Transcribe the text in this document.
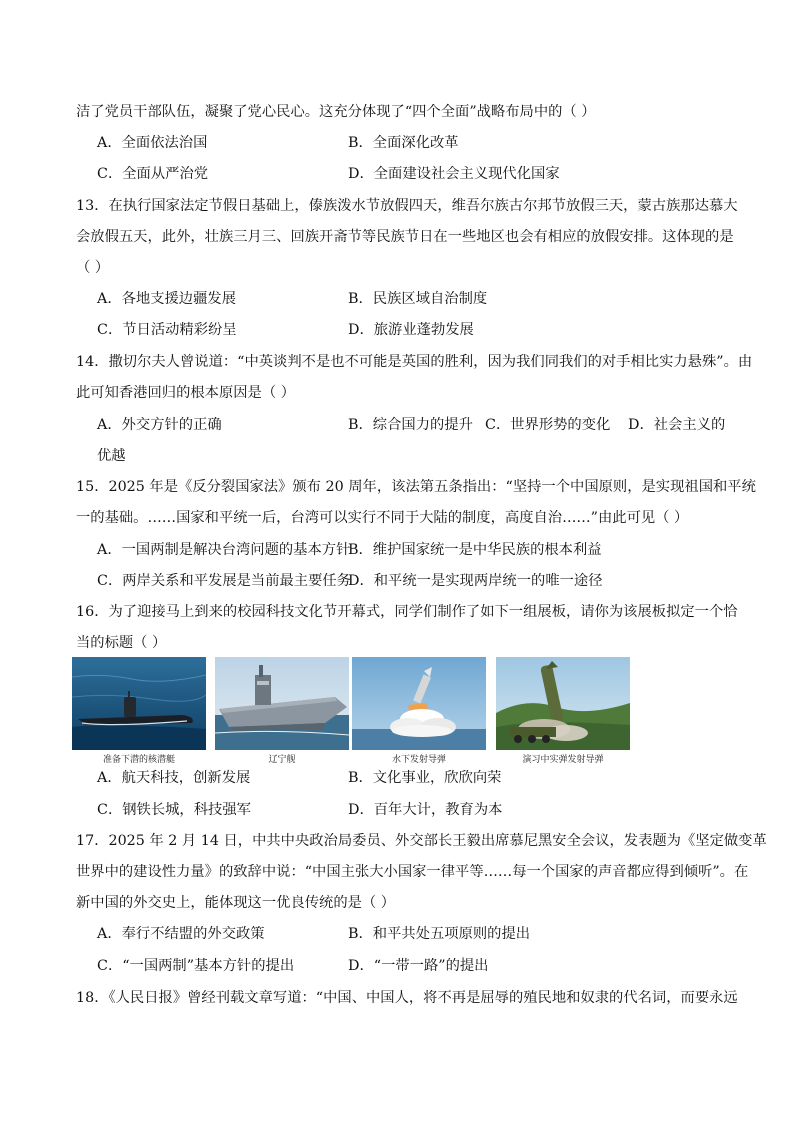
洁了党员干部队伍，凝聚了党心民心。这充分体现了“四个全面”战略布局中的（ ）
A．全面依法治国	B．全面深化改革
C．全面从严治党	D．全面建设社会主义现代化国家
13．在执行国家法定节假日基础上，傣族泼水节放假四天，维吾尔族古尔邦节放假三天，蒙古族那达慕大
会放假五天，此外，壮族三月三、回族开斋节等民族节日在一些地区也会有相应的放假安排。这体现的是
（ ）
A．各地支援边疆发展	B．民族区域自治制度
C．节日活动精彩纷呈	D．旅游业蓬勃发展
14．撒切尔夫人曾说道：“中英谈判不是也不可能是英国的胜利，因为我们同我们的对手相比实力悬殊”。由
此可知香港回归的根本原因是（ ）
A．外交方针的正确	B．综合国力的提升 C．世界形势的变化 D．社会主义的
优越
15．2025 年是《反分裂国家法》颁布 20 周年，该法第五条指出：“坚持一个中国原则，是实现祖国和平统
一的基础。……国家和平统一后，台湾可以实行不同于大陆的制度，高度自治……”由此可见（ ）
A．一国两制是解决台湾问题的基本方针
B．维护国家统一是中华民族的根本利益
C．两岸关系和平发展是当前最主要任务
D．和平统一是实现两岸统一的唯一途径
16．为了迎接马上到来的校园科技文化节开幕式，同学们制作了如下一组展板，请你为该展板拟定一个恰
当的标题（ ）
准备下潜的核潜艇	辽宁舰	水下发射导弹	演习中实弹发射导弹
A．航天科技，创新发展	B．文化事业，欣欣向荣
C．钢铁长城，科技强军	D．百年大计，教育为本
17．2025 年 2 月 14 日，中共中央政治局委员、外交部长王毅出席慕尼黑安全会议，发表题为《坚定做变革
世界中的建设性力量》的致辞中说：“中国主张大小国家一律平等……每一个国家的声音都应得到倾听”。在
新中国的外交史上，能体现这一优良传统的是（ ）
A．奉行不结盟的外交政策	B．和平共处五项原则的提出
C．“一国两制”基本方针的提出	D．“一带一路”的提出
18．《人民日报》曾经刊载文章写道：“中国、中国人，将不再是屈辱的殖民地和奴隶的代名词，而要永远
